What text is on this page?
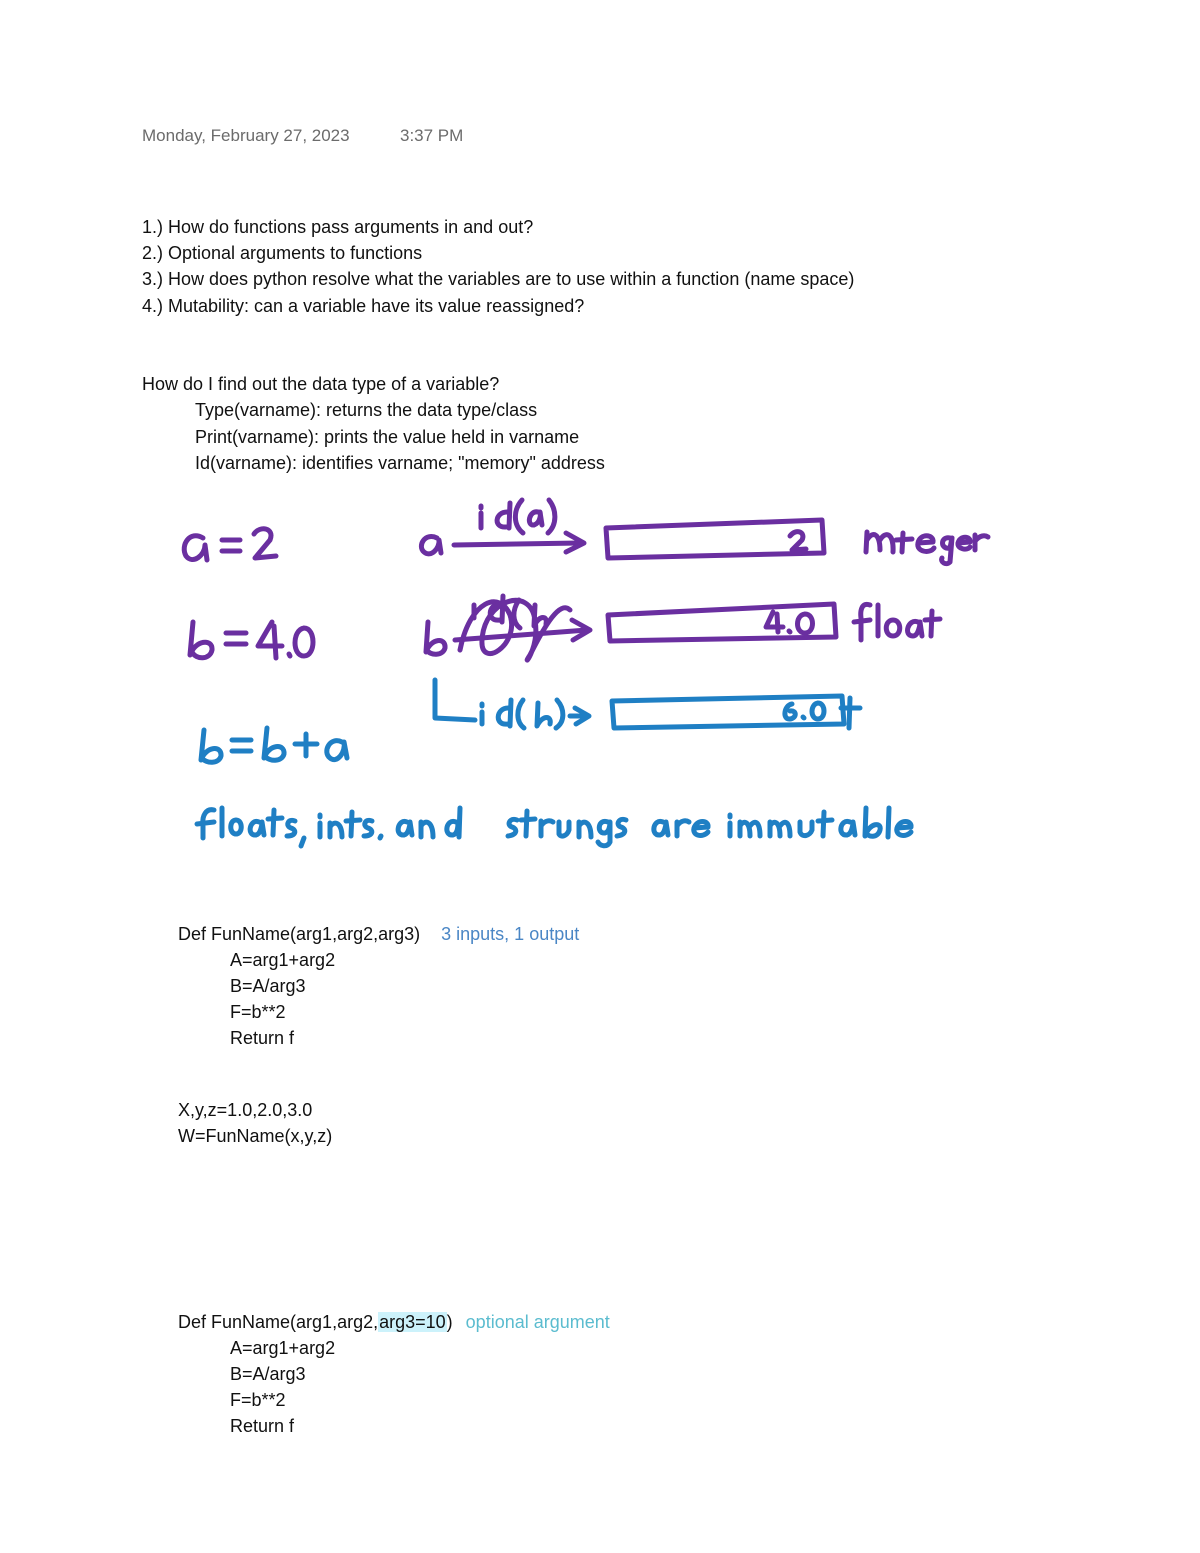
Monday, February 27, 2023	3:37 PM
1.) How do functions pass arguments in and out?
2.) Optional arguments to functions
3.) How does python resolve what the variables are to use within a function (name space)
4.) Mutability: can a variable have its value reassigned?
How do I find out the data type of a variable?
Type(varname): returns the data type/class
Print(varname): prints the value held in varname
Id(varname): identifies varname; "memory" address
Def FunName(arg1,arg2,arg3) 3 inputs, 1 output
A=arg1+arg2
B=A/arg3
F=b**2
Return f
X,y,z=1.0,2.0,3.0
W=FunName(x,y,z)
Def FunName(arg1,arg2,arg3=10) optional argument
A=arg1+arg2
B=A/arg3
F=b**2
Return f
